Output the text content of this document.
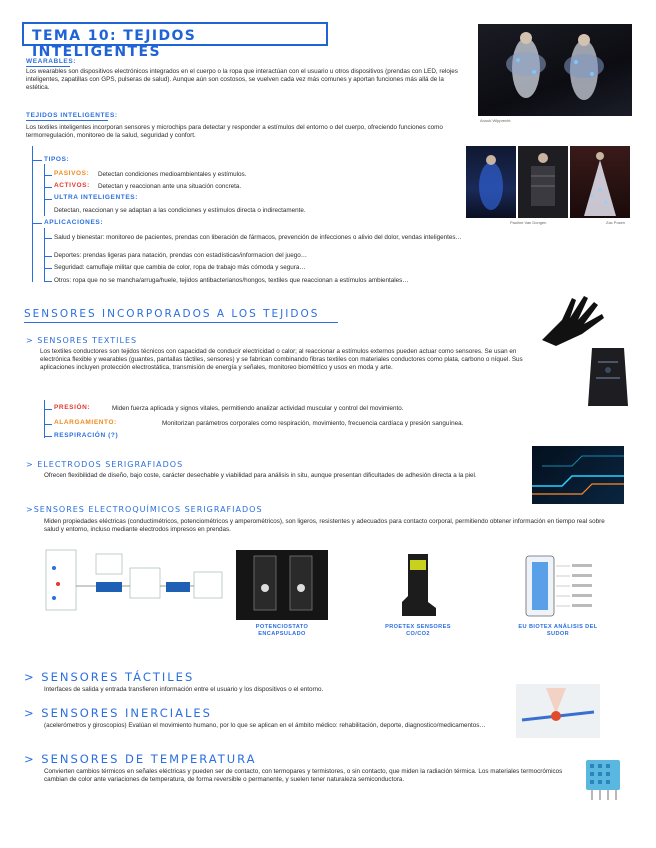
TEMA 10: TEJIDOS INTELIGENTES
Anouk Wipprecht
WEARABLES:
Los wearables son dispositivos electrónicos integrados en el cuerpo o la ropa que interactúan con el usuario u otros dispositivos (prendas con LED, relojes inteligentes, zapatillas con GPS, pulseras de salud). Aunque aún son costosos, se vuelven cada vez más comunes y aportan funciones más allá de la estética.
TEJIDOS INTELIGENTES:
Los textiles inteligentes incorporan sensores y microchips para detectar y responder a estímulos del entorno o del cuerpo, ofreciendo funciones como termorregulación, monitoreo de la salud, seguridad y confort.
TIPOS:
PASIVOS: Detectan condiciones medioambientales y estímulos.
ACTIVOS: Detectan y reaccionan ante una situación concreta.
ULTRA INTELIGENTES:
Detectan, reaccionan y se adaptan a las condiciones y estímulos directa o indirectamente.
APLICACIONES:
Salud y bienestar: monitoreo de pacientes, prendas con liberación de fármacos, prevención de infecciones o alivio del dolor, vendas inteligentes…
Deportes: prendas ligeras para natación, prendas con estadísticas/informacion del juego…
Seguridad: camuflaje militar que cambia de color, ropa de trabajo más cómoda y segura…
Otros: ropa que no se mancha/arruga/huele, tejidos antibacterianos/hongos, textiles que reaccionan a estímulos ambientales…
Pauline Van Dongen	Zac Posen
SENSORES INCORPORADOS A LOS TEJIDOS
> SENSORES TEXTILES
Los textiles conductores son tejidos técnicos con capacidad de conducir electricidad o calor; al reaccionar a estímulos externos pueden actuar como sensores. Se usan en electrónica flexible y wearables (guantes, pantallas táctiles, sensores) y se fabrican combinando fibras textiles con materiales conductores como plata, carbono o níquel. Sus aplicaciones incluyen protección electrostática, transmisión de energía y señales, monitoreo biométrico y usos en moda y arte.
PRESIÓN:	Miden fuerza aplicada y signos vitales, permitiendo analizar actividad muscular y control del movimiento.
ALARGAMIENTO:	Monitorizan parámetros corporales como respiración, movimiento, frecuencia cardíaca y presión sanguínea.
RESPIRACIÓN (?)
> ELECTRODOS SERIGRAFIADOS
Ofrecen flexibilidad de diseño, bajo coste, carácter desechable y viabilidad para análisis in situ, aunque presentan dificultades de adhesión directa a la piel.
>SENSORES ELECTROQUÍMICOS SERIGRAFIADOS
Miden propiedades eléctricas (conductimétricos, potenciométricos y amperométricos), son ligeros, resistentes y adecuados para contacto corporal, permitiendo obtener información en tiempo real sobre salud y entorno, incluso mediante electrodos impresos en prendas.
POTENCIOSTATO ENCAPSULADO
PROETEX SENSORES CO/CO2
EU BIOTEX ANÁLISIS DEL SUDOR
> SENSORES TÁCTILES
Interfaces de salida y entrada transfieren información entre el usuario y los dispositivos o el entorno.
> SENSORES INERCIALES
(acelerómetros y giroscopios) Evalúan el movimiento humano, por lo que se aplican en el ámbito médico: rehabilitación, deporte, diagnostico/medicamentos…
> SENSORES DE TEMPERATURA
Convierten cambios térmicos en señales eléctricas y pueden ser de contacto, con termopares y termistores, o sin contacto, que miden la radiación térmica. Los materiales termocrómicos cambian de color ante variaciones de temperatura, de forma reversible o permanente, y suelen tener naturaleza semiconductora.
